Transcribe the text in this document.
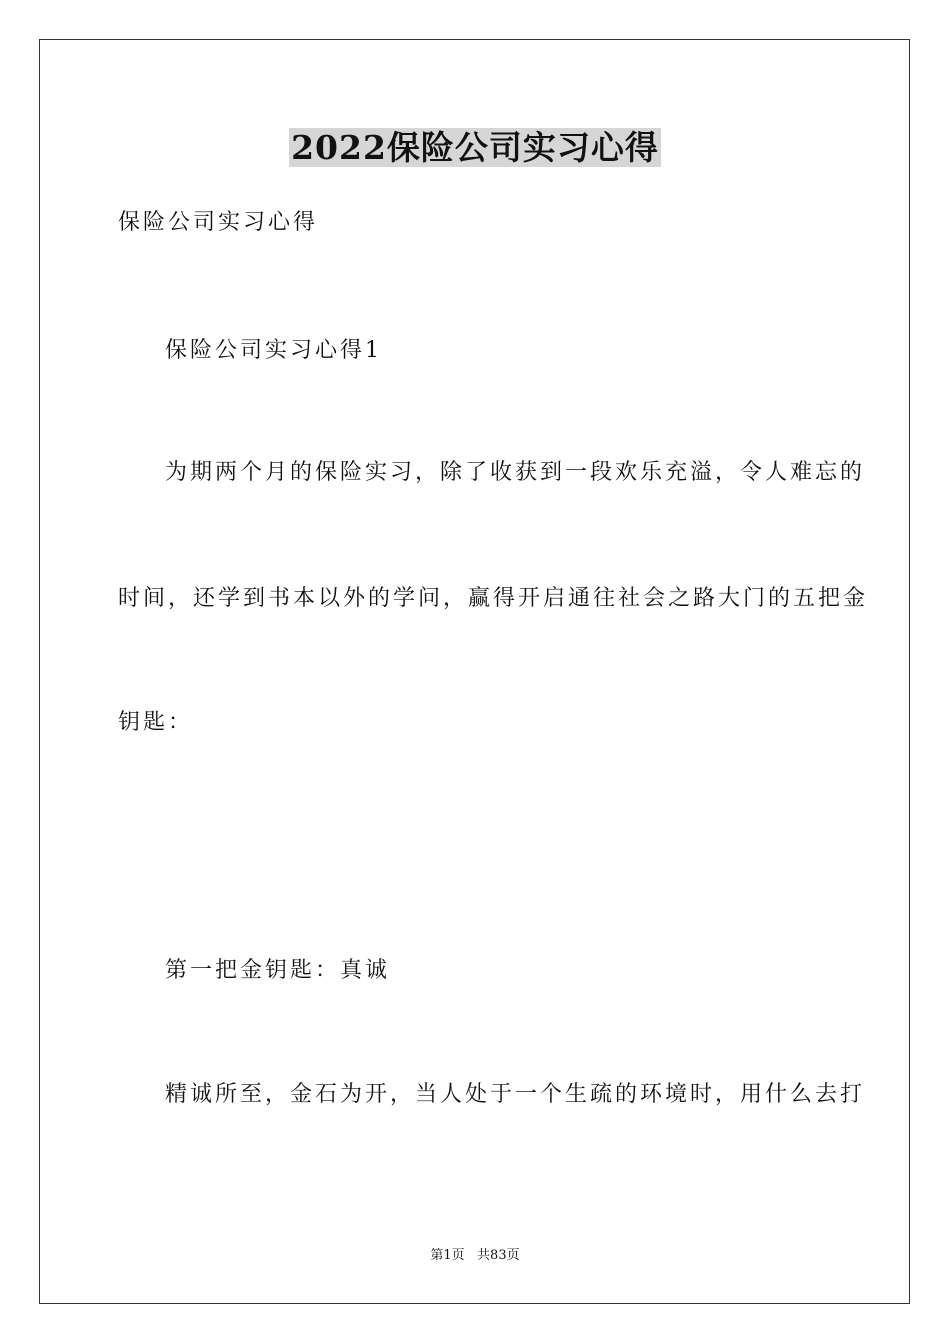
2022保险公司实习心得
保险公司实习心得
保险公司实习心得1
为期两个月的保险实习，除了收获到一段欢乐充溢，令人难忘的
时间，还学到书本以外的学问，赢得开启通往社会之路大门的五把金
钥匙：
第一把金钥匙：真诚
精诚所至，金石为开，当人处于一个生疏的环境时，用什么去打
第1页   共83页
